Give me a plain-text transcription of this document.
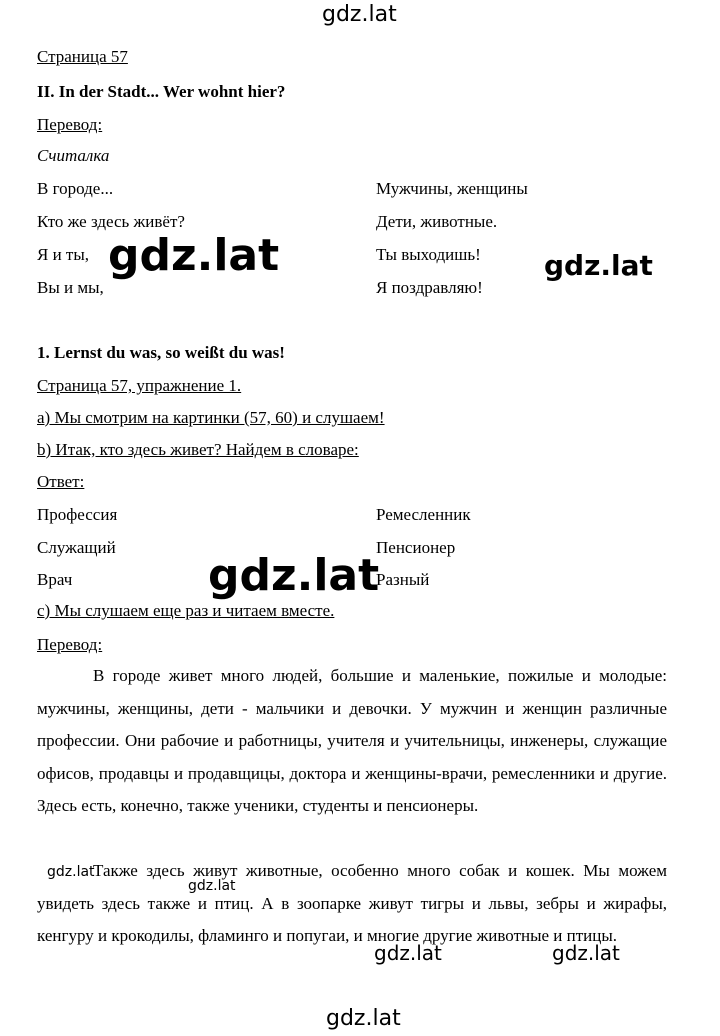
gdz.lat
Страница 57
II. In der Stadt... Wer wohnt hier?
Перевод:
Считалка
В городе...
Кто же здесь живёт?
Я и ты,
Вы и мы,
Мужчины, женщины
Дети, животные.
Ты выходишь!
Я поздравляю!
gdz.lat	gdz.lat
1. Lernst du was, so weißt du was!
Страница 57, упражнение 1.
a) Мы смотрим на картинки (57, 60) и слушаем!
b) Итак, кто здесь живет? Найдем в словаре:
Ответ:
Профессия
Служащий
Врач
Ремесленник
Пенсионер
Разный
gdz.lat
c) Мы слушаем еще раз и читаем вместе.
Перевод:

В городе живет много людей, большие и маленькие, пожилые и молодые: мужчины, женщины, дети - мальчики и девочки. У мужчин и женщин различные профессии. Они рабочие и работницы, учителя и учительницы, инженеры, служащие офисов, продавцы и продавщицы, доктора и женщины-врачи, ремесленники и другие. Здесь есть, конечно, также ученики, студенты и пенсионеры.

Также здесь живут животные, особенно много собак и кошек. Мы можем увидеть здесь также и птиц. А в зоопарке живут тигры и львы, зебры и жирафы, кенгуру и крокодилы, фламинго и попугаи, и многие другие животные и птицы.

gdz.lat
gdz.lat
gdz.lat	gdz.lat
gdz.lat
